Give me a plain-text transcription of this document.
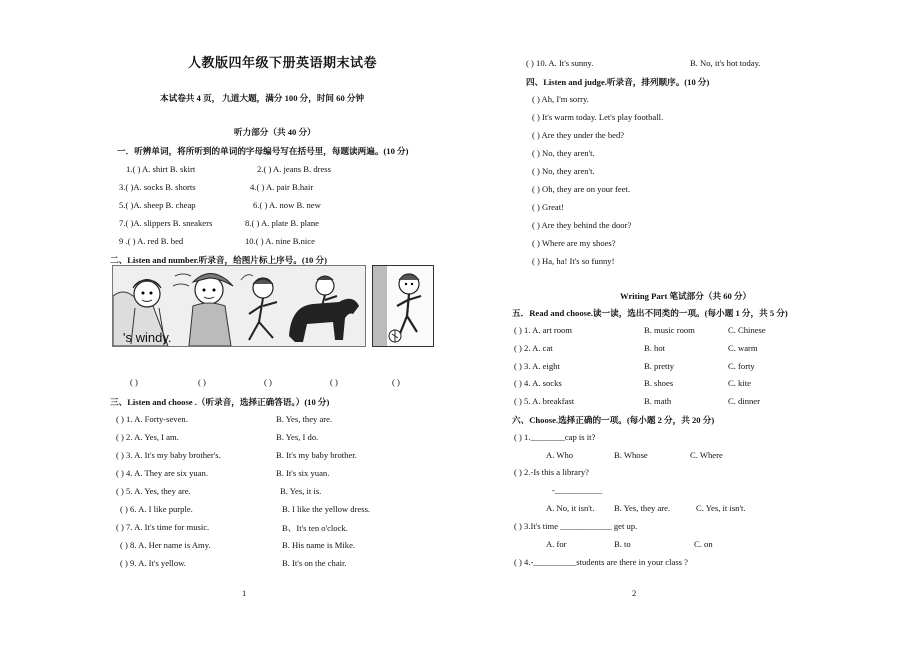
人教版四年级下册英语期末试卷
本试卷共 4 页， 九道大题，满分 100 分，时间 60 分钟
听力部分（共 40 分）
一．听辨单词，将所听到的单词的字母编号写在括号里，每题读两遍。(10 分)
1.( ) A. shirt B. skirt	2.( ) A. jeans B. dress
3.( )A. socks B. shorts	4.( ) A. pair B.hair
5.( )A. sheep B. cheap	6.( ) A. now B. new
7.( )A. slippers B. sneakers	8.( ) A. plate B. plane
9 .( ) A. red B. bed	10.( ) A. nine B.nice
二、Listen and number.听录音，给图片标上序号。(10 分)
's windy.
( )	( )	( )	( )	( )
三、Listen and choose .（听录音，选择正确答语。）(10 分)
( ) 1. A. Forty-seven.	B. Yes, they are.
( ) 2. A. Yes, I am.	B. Yes, I do.
( ) 3. A. It's my baby brother's.	B. It's my baby brother.
( ) 4. A. They are six yuan.	B. It's six yuan.
( ) 5. A. Yes, they are.	B. Yes, it is.
( ) 6. A. I like purple.	B. I like the yellow dress.
( ) 7. A. It's time for music.	B、It's ten o'clock.
( ) 8. A. Her name is Amy.	B. His name is Mike.
( ) 9. A. It's yellow.	B. It's on the chair.
1
( ) 10. A. It's sunny.	B. No, it's hot today.
四、Listen and judge.听录音，排列顺序。(10 分)
( ) Ah, I'm sorry.
( ) It's warm today. Let's play football.
( ) Are they under the bed?
( ) No, they aren't.
( ) No, they aren't.
( ) Oh, they are on your feet.
( ) Great!
( ) Are they behind the door?
( ) Where are my shoes?
( ) Ha, ha! It's so funny!
Writing Part 笔试部分（共 60 分）
五．Read and choose.读一读，选出不同类的一项。(每小题 1 分，共 5 分)
( ) 1. A. art room	B. music room	C. Chinese
( ) 2. A. cat	B. hot	C. warm
( ) 3. A. eight	B. pretty	C. forty
( ) 4. A. socks	B. shoes	C. kite
( ) 5. A. breakfast	B. math	C. dinner
六、Choose.选择正确的一项。(每小题 2 分，共 20 分)
( ) 1.________cap is it?
A. Who	B. Whose	C. Where
( ) 2.-Is this a library?
-___________
A. No, it isn't. B. Yes, they are.	C. Yes, it isn't.
( ) 3.It's time ____________ get up.
A. for	B. to	C. on
( ) 4.-__________students are there in your class ?
2
